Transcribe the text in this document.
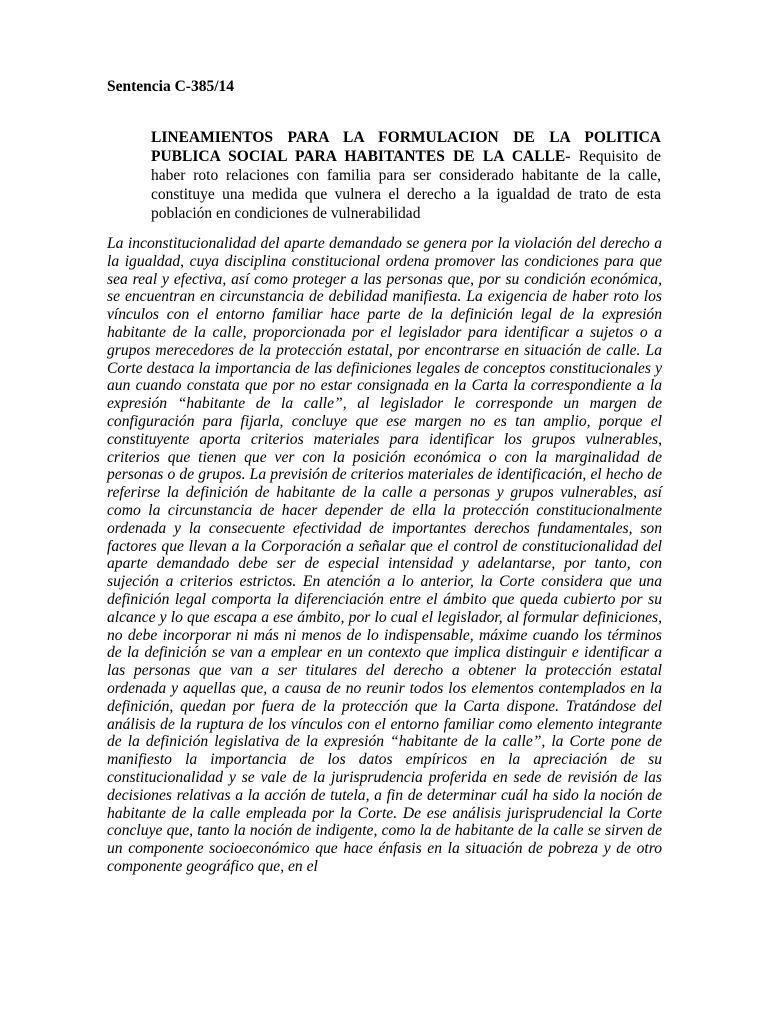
Sentencia C-385/14

LINEAMIENTOS PARA LA FORMULACION DE LA POLITICA PUBLICA SOCIAL PARA HABITANTES DE LA CALLE- Requisito de haber roto relaciones con familia para ser considerado habitante de la calle, constituye una medida que vulnera el derecho a la igualdad de trato de esta población en condiciones de vulnerabilidad

La inconstitucionalidad del aparte demandado se genera por la violación del derecho a la igualdad, cuya disciplina constitucional ordena promover las condiciones para que sea real y efectiva, así como proteger a las personas que, por su condición económica, se encuentran en circunstancia de debilidad manifiesta. La exigencia de haber roto los vínculos con el entorno familiar hace parte de la definición legal de la expresión habitante de la calle, proporcionada por el legislador para identificar a sujetos o a grupos merecedores de la protección estatal, por encontrarse en situación de calle. La Corte destaca la importancia de las definiciones legales de conceptos constitucionales y aun cuando constata que por no estar consignada en la Carta la correspondiente a la expresión “habitante de la calle”, al legislador le corresponde un margen de configuración para fijarla, concluye que ese margen no es tan amplio, porque el constituyente aporta criterios materiales para identificar los grupos vulnerables, criterios que tienen que ver con la posición económica o con la marginalidad de personas o de grupos. La previsión de criterios materiales de identificación, el hecho de referirse la definición de habitante de la calle a personas y grupos vulnerables, así como la circunstancia de hacer depender de ella la protección constitucionalmente ordenada y la consecuente efectividad de importantes derechos fundamentales, son factores que llevan a la Corporación a señalar que el control de constitucionalidad del aparte demandado debe ser de especial intensidad y adelantarse, por tanto, con sujeción a criterios estrictos. En atención a lo anterior, la Corte considera que una definición legal comporta la diferenciación entre el ámbito que queda cubierto por su alcance y lo que escapa a ese ámbito, por lo cual el legislador, al formular definiciones, no debe incorporar ni más ni menos de lo indispensable, máxime cuando los términos de la definición se van a emplear en un contexto que implica distinguir e identificar a las personas que van a ser titulares del derecho a obtener la protección estatal ordenada y aquellas que, a causa de no reunir todos los elementos contemplados en la definición, quedan por fuera de la protección que la Carta dispone. Tratándose del análisis de la ruptura de los vínculos con el entorno familiar como elemento integrante de la definición legislativa de la expresión “habitante de la calle”, la Corte pone de manifiesto la importancia de los datos empíricos en la apreciación de su constitucionalidad y se vale de la jurisprudencia proferida en sede de revisión de las decisiones relativas a la acción de tutela, a fin de determinar cuál ha sido la noción de habitante de la calle empleada por la Corte. De ese análisis jurisprudencial la Corte concluye que, tanto la noción de indigente, como la de habitante de la calle se sirven de un componente socioeconómico que hace énfasis en la situación de pobreza y de otro componente geográfico que, en el
